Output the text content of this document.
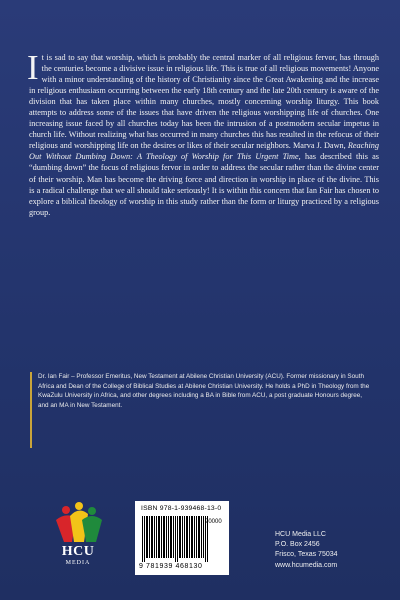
It is sad to say that worship, which is probably the central marker of all religious fervor, has through the centuries become a divisive issue in religious life. This is true of all religious movements! Anyone with a minor understanding of the history of Christianity since the Great Awakening and the increase in religious enthusiasm occurring between the early 18th century and the late 20th century is aware of the division that has taken place within many churches, mostly concerning worship liturgy. This book attempts to address some of the issues that have driven the religious worshipping life of churches. One increasing issue faced by all churches today has been the intrusion of a postmodern secular impetus in church life. Without realizing what has occurred in many churches this has resulted in the refocus of their religious and worshipping life on the desires or likes of their secular neighbors. Marva J. Dawn, Reaching Out Without Dumbing Down: A Theology of Worship for This Urgent Time, has described this as “dumbing down” the focus of religious fervor in order to address the secular rather than the divine center of their worship. Man has become the driving force and direction in worship in place of the divine. This is a radical challenge that we all should take seriously! It is within this concern that Ian Fair has chosen to explore a biblical theology of worship in this study rather than the form or liturgy practiced by a religious group.

Dr. Ian Fair – Professor Emeritus, New Testament at Abilene Christian University (ACU). Former missionary in South Africa and Dean of the College of Biblical Studies at Abilene Christian University. He holds a PhD in Theology from the KwaZulu University in Africa, and other degrees including a BA in Bible from ACU, a post graduate Honours degree, and an MA in New Testament.

HCU
MEDIA
ISBN 978-1-939468-13-0
90000
9 781939 468130
HCU Media LLC
P.O. Box 2456
Frisco, Texas 75034
www.hcumedia.com
